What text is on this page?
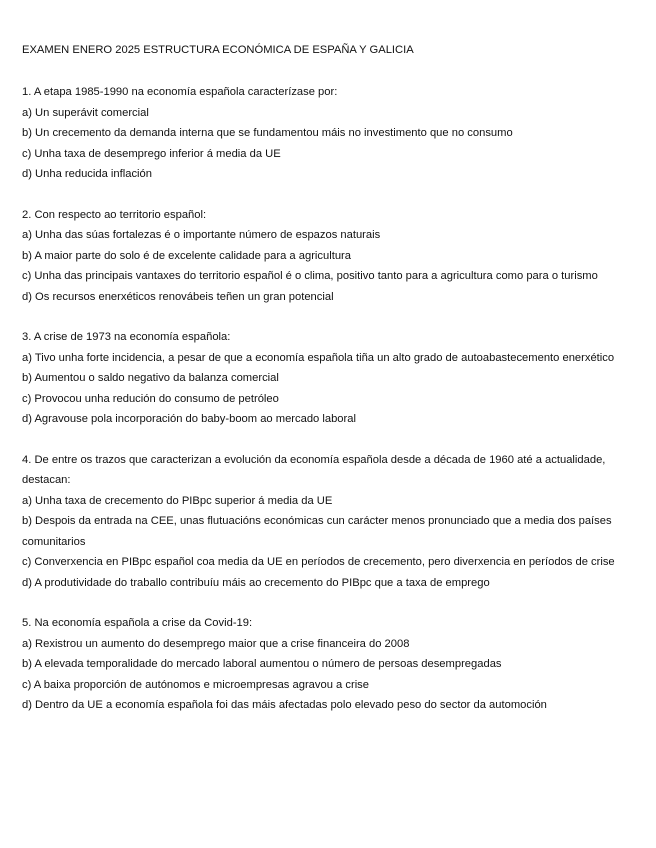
EXAMEN ENERO 2025 ESTRUCTURA ECONÓMICA DE ESPAÑA Y GALICIA

1. A etapa 1985-1990 na economía española caracterízase por:

a) Un superávit comercial

b) Un crecemento da demanda interna que se fundamentou máis no investimento que no consumo

c) Unha taxa de desemprego inferior á media da UE

d) Unha reducida inflación

2. Con respecto ao territorio español:

a) Unha das súas fortalezas é o importante número de espazos naturais

b) A maior parte do solo é de excelente calidade para a agricultura

c) Unha das principais vantaxes do territorio español é o clima, positivo tanto para a agricultura como para o turismo

d) Os recursos enerxéticos renovábeis teñen un gran potencial

3. A crise de 1973 na economía española:

a) Tivo unha forte incidencia, a pesar de que a economía española tiña un alto grado de autoabastecemento enerxético

b) Aumentou o saldo negativo da balanza comercial

c) Provocou unha redución do consumo de petróleo

d) Agravouse pola incorporación do baby-boom ao mercado laboral

4. De entre os trazos que caracterizan a evolución da economía española desde a década de 1960 até a actualidade, destacan:

a) Unha taxa de crecemento do PIBpc superior á media da UE

b) Despois da entrada na CEE, unas flutuacións económicas cun carácter menos pronunciado que a media dos países comunitarios

c) Converxencia en PIBpc español coa media da UE en períodos de crecemento, pero diverxencia en períodos de crise

d) A produtividade do traballo contribuíu máis ao crecemento do PIBpc que a taxa de emprego

5. Na economía española a crise da Covid-19:

a) Rexistrou un aumento do desemprego maior que a crise financeira do 2008

b) A elevada temporalidade do mercado laboral aumentou o número de persoas desempregadas

c) A baixa proporción de autónomos e microempresas agravou a crise

d) Dentro da UE a economía española foi das máis afectadas polo elevado peso do sector da automoción
